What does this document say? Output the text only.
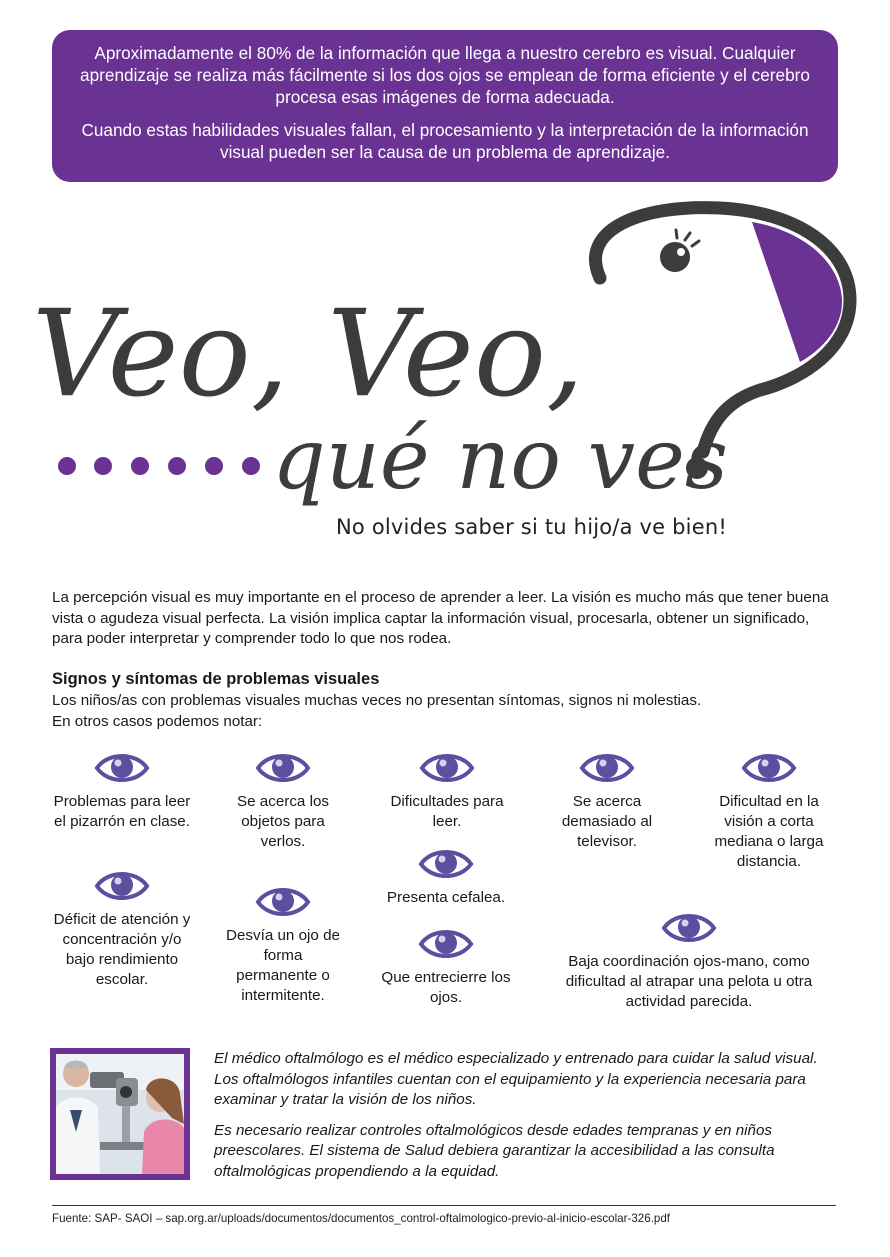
Aproximadamente el 80% de la información que llega a nuestro cerebro es visual. Cualquier aprendizaje se realiza más fácilmente si los dos ojos se emplean de forma eficiente y el cerebro procesa esas imágenes de forma adecuada.

Cuando estas habilidades visuales fallan, el procesamiento y la interpretación de la información visual pueden ser la causa de un problema de aprendizaje.

Veo, Veo,
qué no ves
No olvides saber si tu hijo/a ve bien!

La percepción visual es muy importante en el proceso de aprender a leer. La visión es mucho más que tener buena vista o agudeza visual perfecta. La visión implica captar la información visual, procesarla, obtener un significado, para poder interpretar y comprender todo lo que nos rodea.

Signos y síntomas de problemas visuales
Los niños/as con problemas visuales muchas veces no presentan síntomas, signos ni molestias.
En otros casos podemos notar:
Problemas para leer el pizarrón en clase.
Se acerca los objetos para verlos.
Dificultades para leer.
Se acerca demasiado al televisor.
Dificultad en la visión a corta mediana o larga distancia.
Déficit de atención y concentración y/o bajo rendimiento escolar.
Desvía un ojo de forma permanente o intermitente.
Presenta cefalea.
Que entrecierre los ojos.
Baja coordinación ojos-mano, como dificultad al atrapar una pelota u otra actividad parecida.

El médico oftalmólogo es el médico especializado y entrenado para cuidar la salud visual. Los oftalmólogos infantiles cuentan con el equipamiento y la experiencia necesaria para examinar y tratar la visión de los niños.

Es necesario realizar controles oftalmológicos desde edades tempranas y en niños preescolares. El sistema de Salud debiera garantizar la accesibilidad a las consulta oftalmológicas propendiendo a la equidad.

Fuente: SAP- SAOI – sap.org.ar/uploads/documentos/documentos_control-oftalmologico-previo-al-inicio-escolar-326.pdf
